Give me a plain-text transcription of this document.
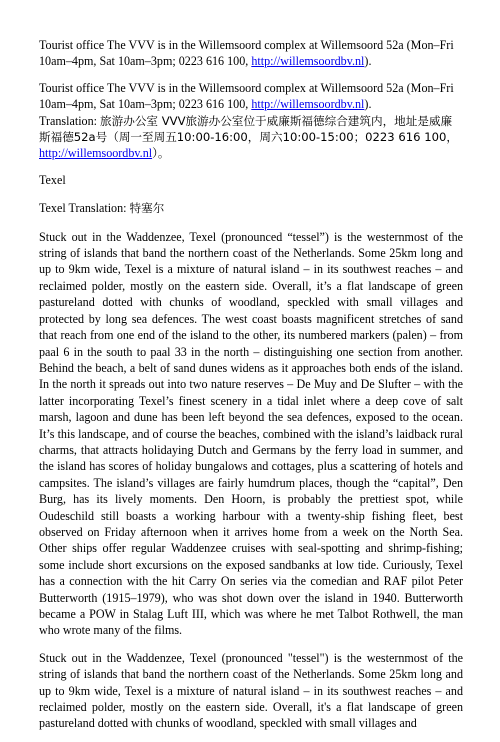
Tourist office The VVV is in the Willemsoord complex at Willemsoord 52a (Mon–Fri 10am–4pm, Sat 10am–3pm; 0223 616 100, http://willemsoordbv.nl).

Tourist office The VVV is in the Willemsoord complex at Willemsoord 52a (Mon–Fri 10am–4pm, Sat 10am–3pm; 0223 616 100, http://willemsoordbv.nl).
Translation: 旅游办公室 VVV旅游办公室位于威廉斯福德综合建筑内，地址是威廉斯福德52a号（周一至周五10:00-16:00，周六10:00-15:00；0223 616 100，http://willemsoordbv.nl）。

Texel

Texel Translation: 特塞尔

Stuck out in the Waddenzee, Texel (pronounced “tessel”) is the westernmost of the string of islands that band the northern coast of the Netherlands. Some 25km long and up to 9km wide, Texel is a mixture of natural island – in its southwest reaches – and reclaimed polder, mostly on the eastern side. Overall, it’s a flat landscape of green pastureland dotted with chunks of woodland, speckled with small villages and protected by long sea defences. The west coast boasts magnificent stretches of sand that reach from one end of the island to the other, its numbered markers (palen) – from paal 6 in the south to paal 33 in the north – distinguishing one section from another. Behind the beach, a belt of sand dunes widens as it approaches both ends of the island. In the north it spreads out into two nature reserves – De Muy and De Slufter – with the latter incorporating Texel’s finest scenery in a tidal inlet where a deep cove of salt marsh, lagoon and dune has been left beyond the sea defences, exposed to the ocean. It’s this landscape, and of course the beaches, combined with the island’s laidback rural charms, that attracts holidaying Dutch and Germans by the ferry load in summer, and the island has scores of holiday bungalows and cottages, plus a scattering of hotels and campsites. The island’s villages are fairly humdrum places, though the “capital”, Den Burg, has its lively moments. Den Hoorn, is probably the prettiest spot, while Oudeschild still boasts a working harbour with a twenty-ship fishing fleet, best observed on Friday afternoon when it arrives home from a week on the North Sea. Other ships offer regular Waddenzee cruises with seal-spotting and shrimp-fishing; some include short excursions on the exposed sandbanks at low tide. Curiously, Texel has a connection with the hit Carry On series via the comedian and RAF pilot Peter Butterworth (1915–1979), who was shot down over the island in 1940. Butterworth became a POW in Stalag Luft III, which was where he met Talbot Rothwell, the man who wrote many of the films.

Stuck out in the Waddenzee, Texel (pronounced "tessel") is the westernmost of the string of islands that band the northern coast of the Netherlands. Some 25km long and up to 9km wide, Texel is a mixture of natural island – in its southwest reaches – and reclaimed polder, mostly on the eastern side. Overall, it's a flat landscape of green pastureland dotted with chunks of woodland, speckled with small villages and
